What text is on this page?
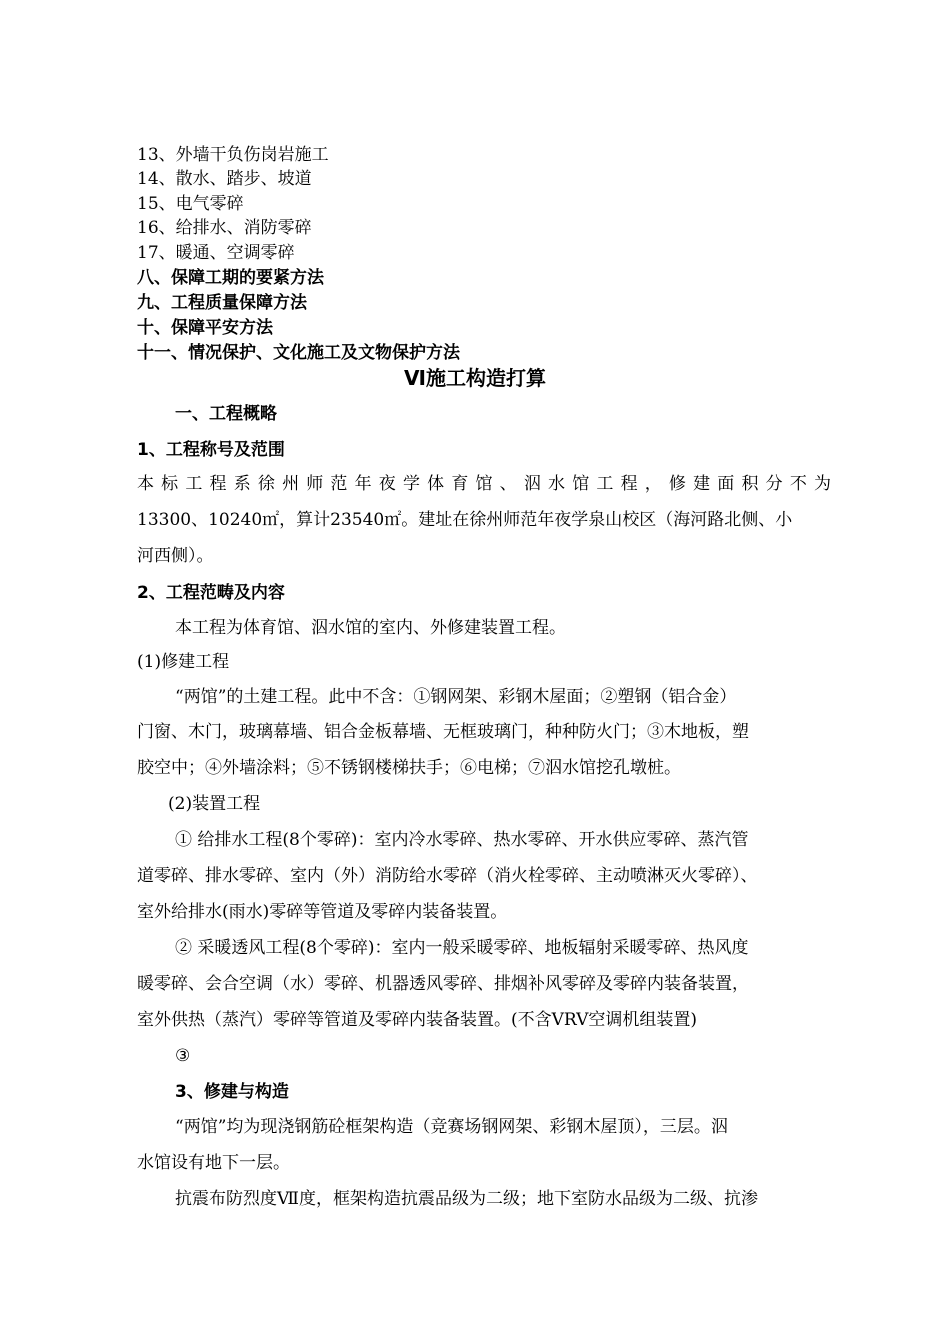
13、外墙干负伤岗岩施工
14、散水、踏步、坡道
15、电气零碎
16、给排水、消防零碎
17、暖通、空调零碎
八、保障工期的要紧方法
九、工程质量保障方法
十、保障平安方法
十一、情况保护、文化施工及文物保护方法
Ⅵ施工构造打算
一、工程概略
1、工程称号及范围
本标工程系徐州师范年夜学体育馆、泅水馆工程，修建面积分不为
13300、10240㎡，算计23540㎡。建址在徐州师范年夜学泉山校区（海河路北侧、小
河西侧）。
2、工程范畴及内容
本工程为体育馆、泅水馆的室内、外修建装置工程。
(1)修建工程
“两馆”的土建工程。此中不含：①钢网架、彩钢木屋面；②塑钢（铝合金）
门窗、木门，玻璃幕墙、铝合金板幕墙、无框玻璃门，种种防火门；③木地板，塑
胶空中；④外墙涂料；⑤不锈钢楼梯扶手；⑥电梯；⑦泅水馆挖孔墩桩。
(2)装置工程
① 给排水工程(8个零碎)：室内冷水零碎、热水零碎、开水供应零碎、蒸汽管
道零碎、排水零碎、室内（外）消防给水零碎（消火栓零碎、主动喷淋灭火零碎）、
室外给排水(雨水)零碎等管道及零碎内装备装置。
② 采暖透风工程(8个零碎)：室内一般采暖零碎、地板辐射采暖零碎、热风度
暖零碎、会合空调（水）零碎、机器透风零碎、排烟补风零碎及零碎内装备装置，
室外供热（蒸汽）零碎等管道及零碎内装备装置。(不含VRV空调机组装置)
③
3、修建与构造
“两馆”均为现浇钢筋砼框架构造（竞赛场钢网架、彩钢木屋顶），三层。泅
水馆设有地下一层。
抗震布防烈度Ⅶ度，框架构造抗震品级为二级；地下室防水品级为二级、抗渗
